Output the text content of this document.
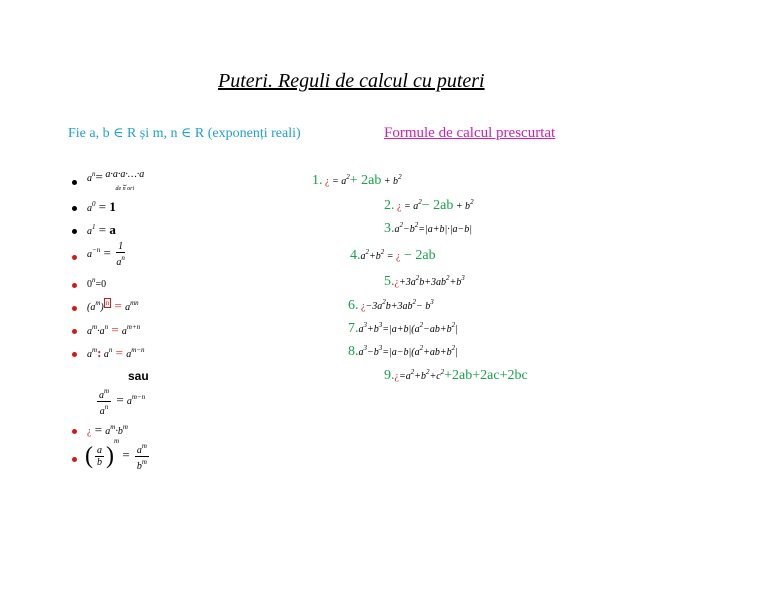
Puteri. Reguli de calcul cu puteri
Fie a, b ∈ R și m, n ∈ R (exponenți reali)	Formule de calcul prescurtat
$a^n=$ a·a·a·…·a
⏟
de n ori
$a^0 = 1$
$a^1 = a$
$a^{-n} = \frac{1}{a^n}$
$0^n=0$
$(a^m) ^n = a^{mn}$
$a^m\cdot a^n = a^{m+n}$
$a^m$: $a^n = a^{m-n}$
sau
$\frac{a^m}{a^n} = a^{m-n}$
¿ = $a^m\cdot b^m$
( $\frac{a}{b} )^m = \frac{a^m}{b^m}$
1. ¿ = $a^2+ 2ab + b^2$
2. ¿ = $a^2- 2ab + b^2$
$3.a^2-b^2=|a+b|\cdot|a-b|$
$4.a^2+b^2$ = ¿ − 2ab
$5.¿+3a^2b+3ab^2+b^3$
6. ¿$-3a^2b+3ab^2- b^3$
$7.a^3+b^3=|a+b|(a^2-ab+b^2|$
$8.a^3-b^3=|a-b|(a^2+ab+b^2|$
$9.¿=a^2+b^2+c^2+2ab+2ac+2bc$
